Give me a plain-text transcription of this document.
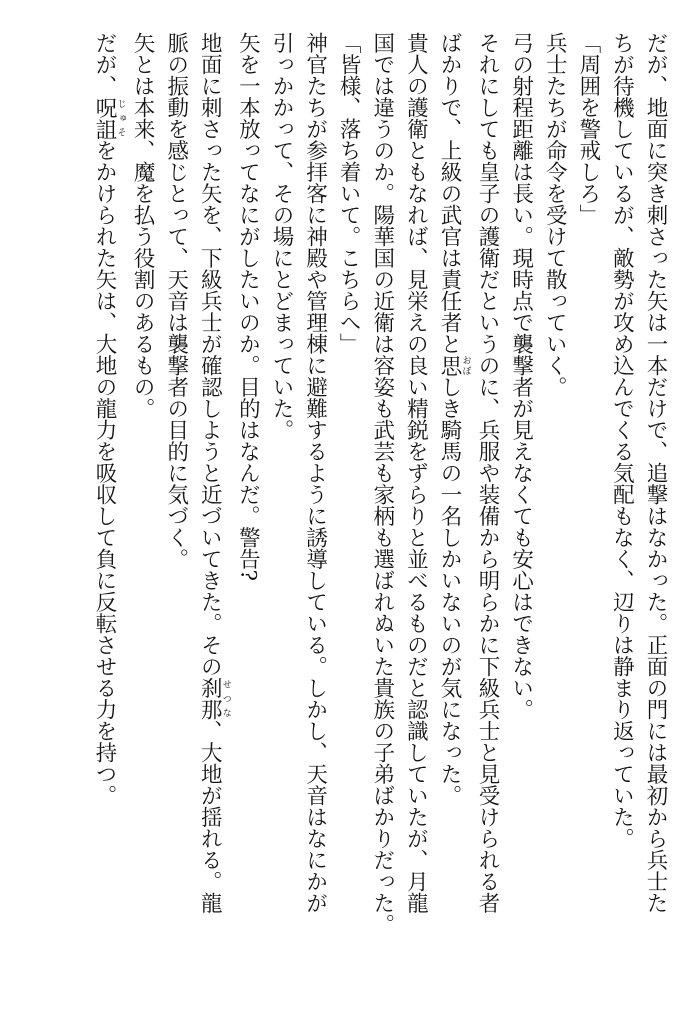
だが、地面に突き刺さった矢は一本だけで、追撃はなかった。正面の門には最初から兵士た
ちが待機しているが、敵勢が攻め込んでくる気配もなく、辺りは静まり返っていた。
「周囲を警戒しろ」
兵士たちが命令を受けて散っていく。
弓の射程距離は長い。現時点で襲撃者が見えなくても安心はできない。
それにしても皇子の護衛だというのに、兵服や装備から明らかに下級兵士と見受けられる者
ばかりで、上級の武官は責任者と思おぼしき騎馬の一名しかいないのが気になった。
貴人の護衛ともなれば、見栄えの良い精鋭をずらりと並べるものだと認識していたが、月龍
国では違うのか。陽華国の近衛は容姿も武芸も家柄も選ばれぬいた貴族の子弟ばかりだった。
「皆様、落ち着いて。こちらへ」
神官たちが参拝客に神殿や管理棟に避難するように誘導している。しかし、天音はなにかが
引っかかって、その場にとどまっていた。
矢を一本放ってなにがしたいのか。目的はなんだ。警告?
地面に刺さった矢を、下級兵士が確認しようと近づいてきた。その刹那せつな、大地が揺れる。龍
脈の振動を感じとって、天音は襲撃者の目的に気づく。
矢とは本来、魔を払う役割のあるもの。
だが、呪詛じゅそをかけられた矢は、大地の龍力を吸収して負に反転させる力を持つ。
